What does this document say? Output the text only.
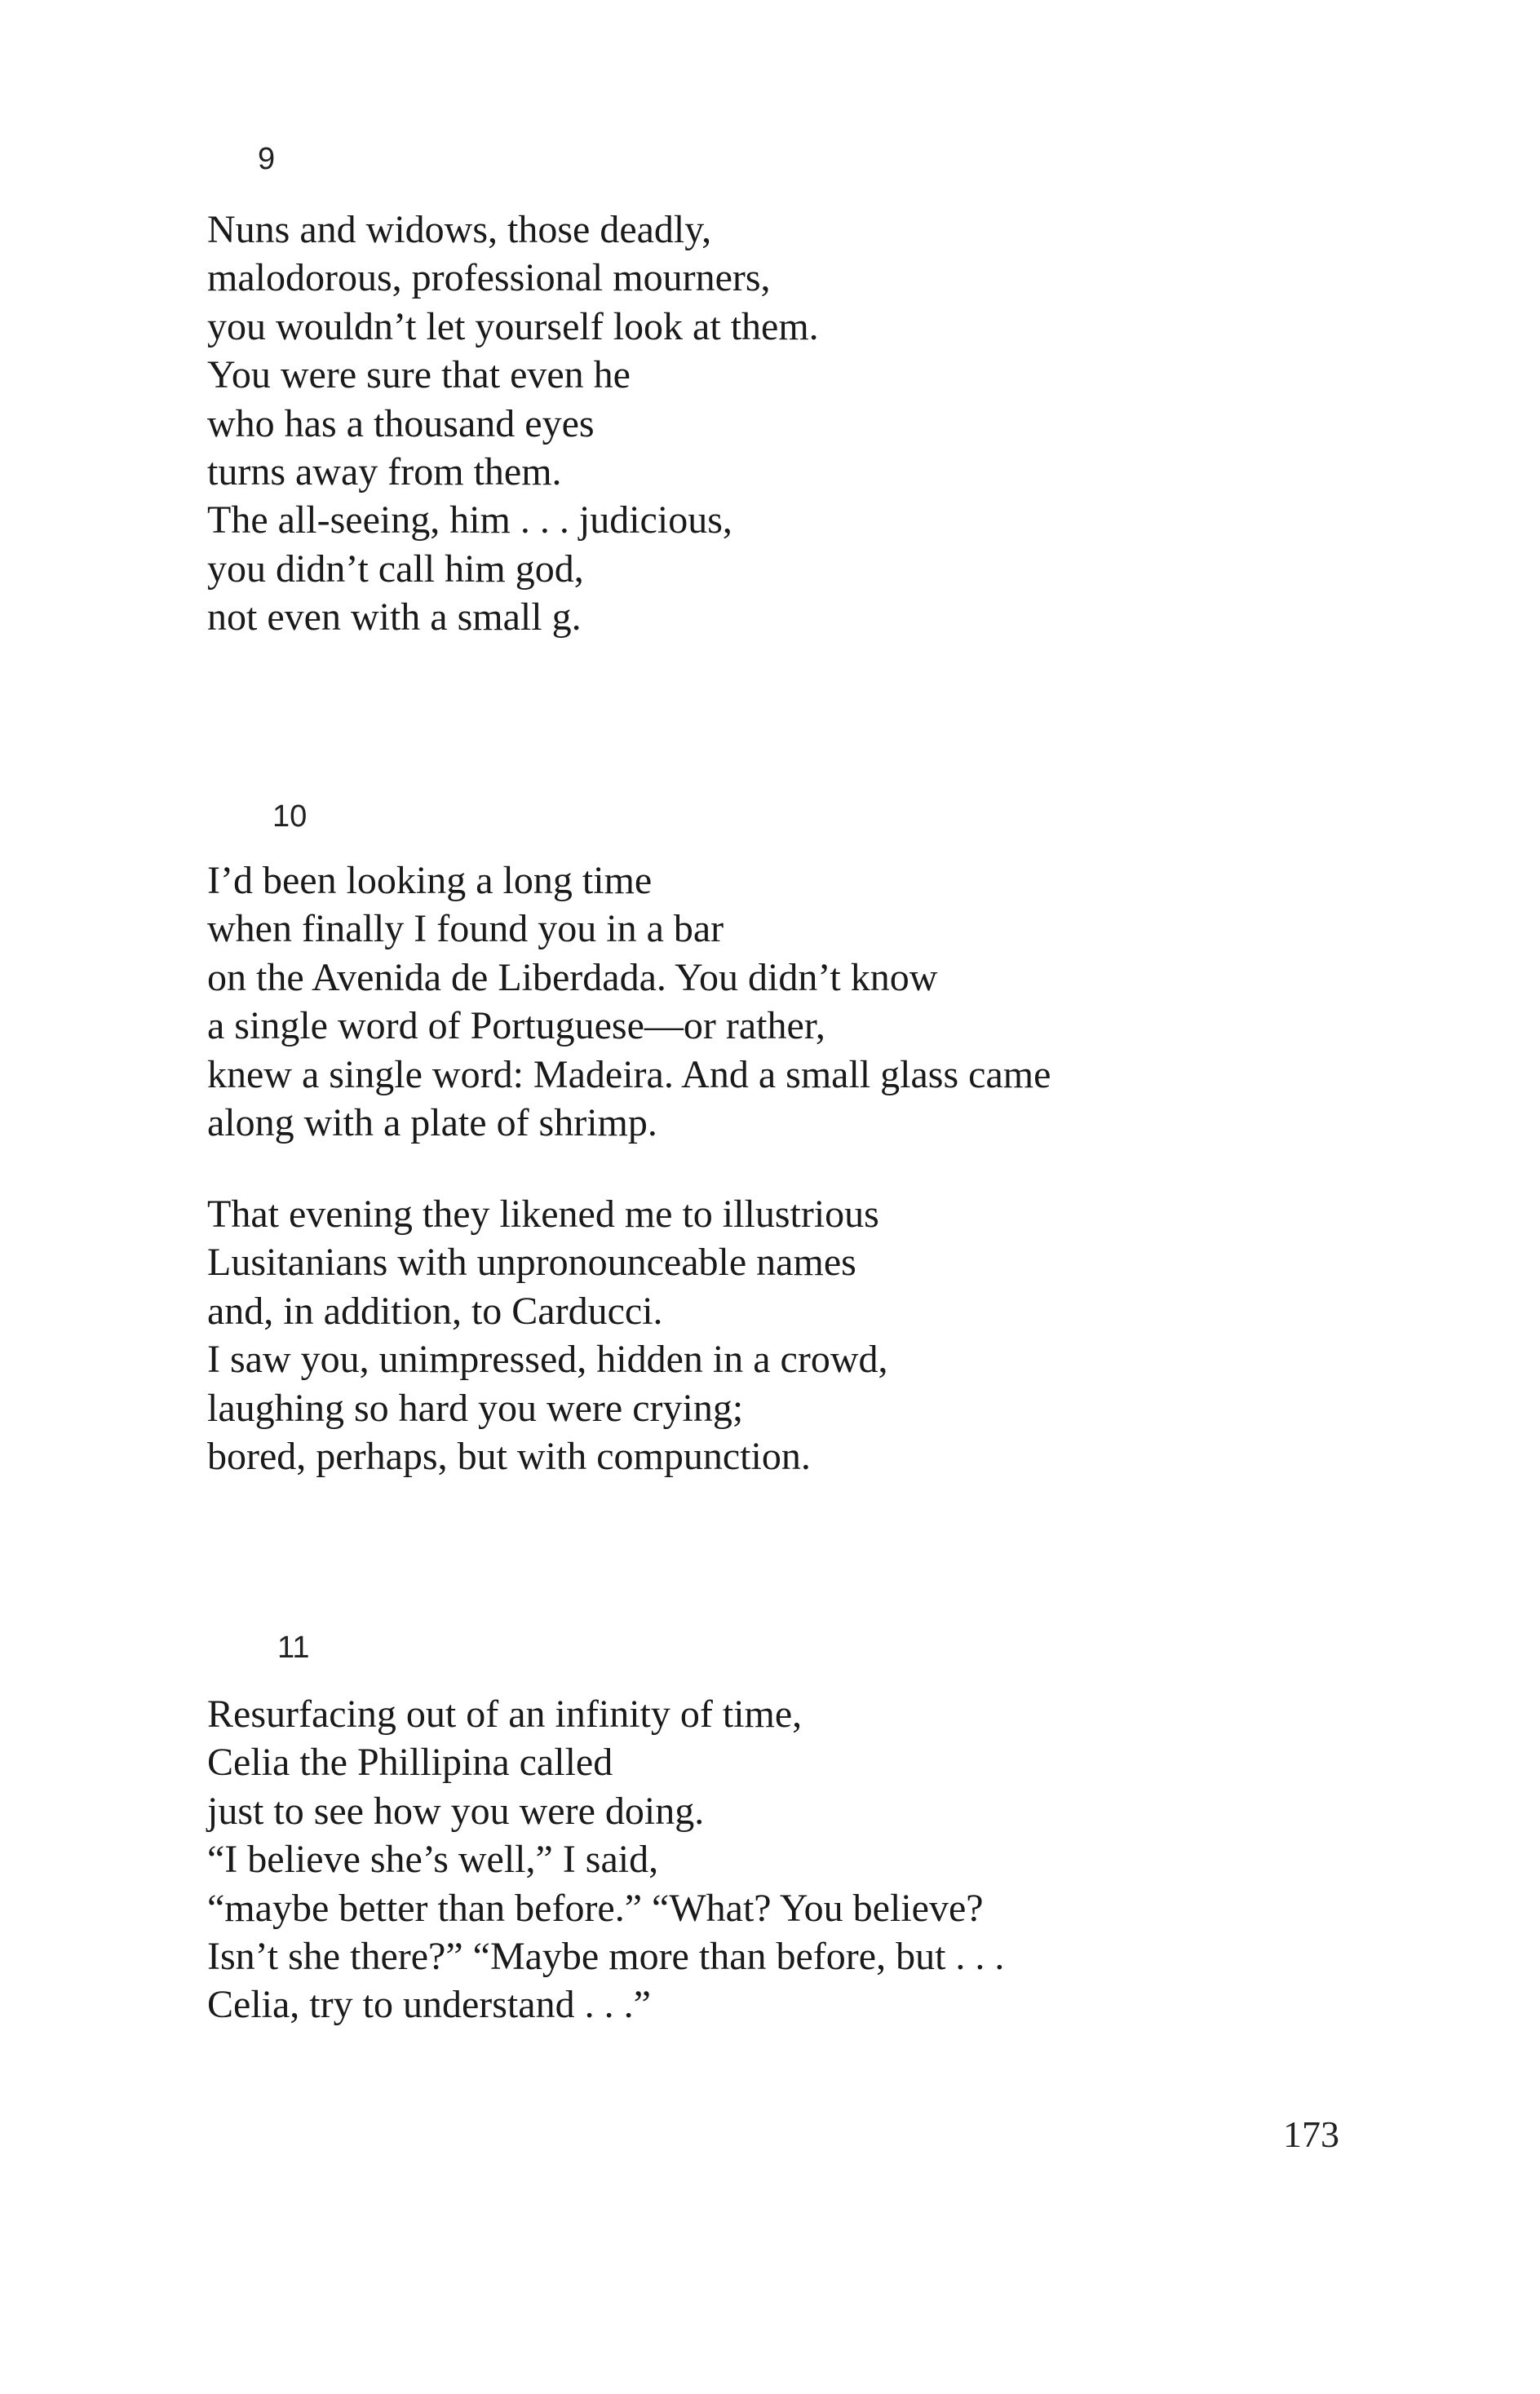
9
Nuns and widows, those deadly,
malodorous, professional mourners,
you wouldn’t let yourself look at them.
You were sure that even he
who has a thousand eyes
turns away from them.
The all-seeing, him . . . judicious,
you didn’t call him god,
not even with a small g.
10
I’d been looking a long time
when finally I found you in a bar
on the Avenida de Liberdada. You didn’t know
a single word of Portuguese—or rather,
knew a single word: Madeira. And a small glass came
along with a plate of shrimp.
That evening they likened me to illustrious
Lusitanians with unpronounceable names
and, in addition, to Carducci.
I saw you, unimpressed, hidden in a crowd,
laughing so hard you were crying;
bored, perhaps, but with compunction.
11
Resurfacing out of an infinity of time,
Celia the Phillipina called
just to see how you were doing.
“I believe she’s well,” I said,
“maybe better than before.” “What? You believe?
Isn’t she there?” “Maybe more than before, but . . .
Celia, try to understand . . .”
173
